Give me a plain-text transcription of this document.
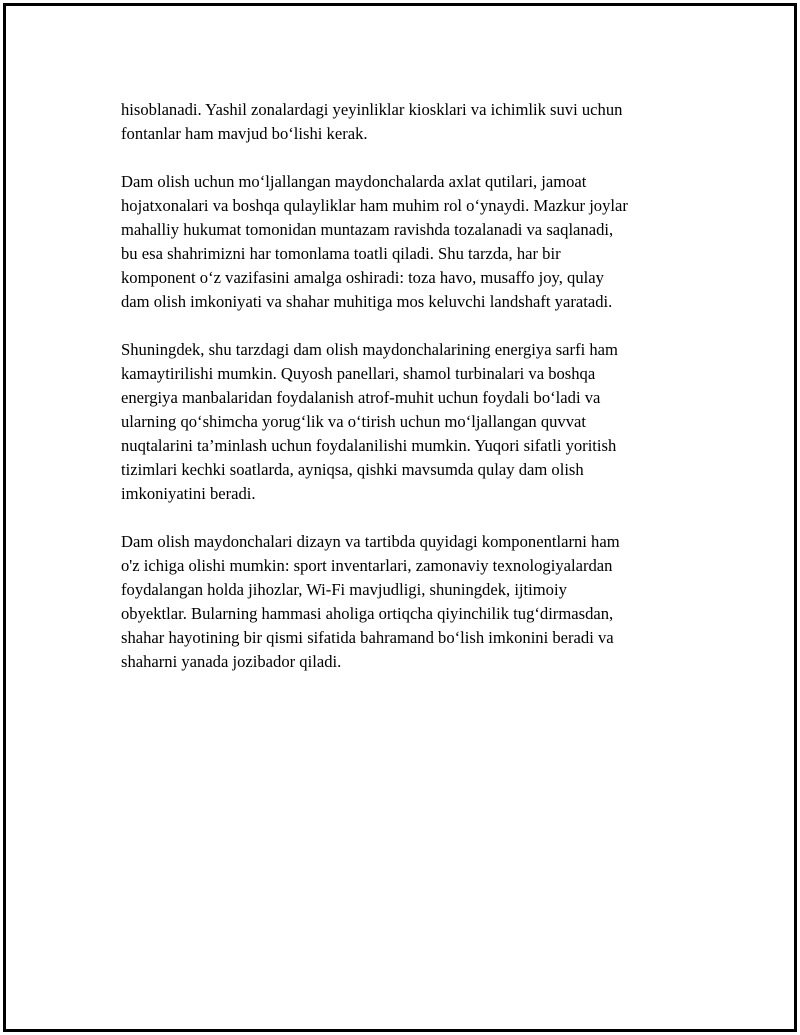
hisoblanadi. Yashil zonalardagi yeyinliklar kiosklari va ichimlik suvi uchun
fontanlar ham mavjud bo‘lishi kerak.

Dam olish uchun mo‘ljallangan maydonchalarda axlat qutilari, jamoat
hojatxonalari va boshqa qulayliklar ham muhim rol o‘ynaydi. Mazkur joylar
mahalliy hukumat tomonidan muntazam ravishda tozalanadi va saqlanadi,
bu esa shahrimizni har tomonlama toatli qiladi. Shu tarzda, har bir
komponent o‘z vazifasini amalga oshiradi: toza havo, musaffo joy, qulay
dam olish imkoniyati va shahar muhitiga mos keluvchi landshaft yaratadi.

Shuningdek, shu tarzdagi dam olish maydonchalarining energiya sarfi ham
kamaytirilishi mumkin. Quyosh panellari, shamol turbinalari va boshqa
energiya manbalaridan foydalanish atrof-muhit uchun foydali bo‘ladi va
ularning qo‘shimcha yorug‘lik va o‘tirish uchun mo‘ljallangan quvvat
nuqtalarini ta’minlash uchun foydalanilishi mumkin. Yuqori sifatli yoritish
tizimlari kechki soatlarda, ayniqsa, qishki mavsumda qulay dam olish
imkoniyatini beradi.

Dam olish maydonchalari dizayn va tartibda quyidagi komponentlarni ham
o'z ichiga olishi mumkin: sport inventarlari, zamonaviy texnologiyalardan
foydalangan holda jihozlar, Wi-Fi mavjudligi, shuningdek, ijtimoiy
obyektlar. Bularning hammasi aholiga ortiqcha qiyinchilik tug‘dirmasdan,
shahar hayotining bir qismi sifatida bahramand bo‘lish imkonini beradi va
shaharni yanada jozibador qiladi.
